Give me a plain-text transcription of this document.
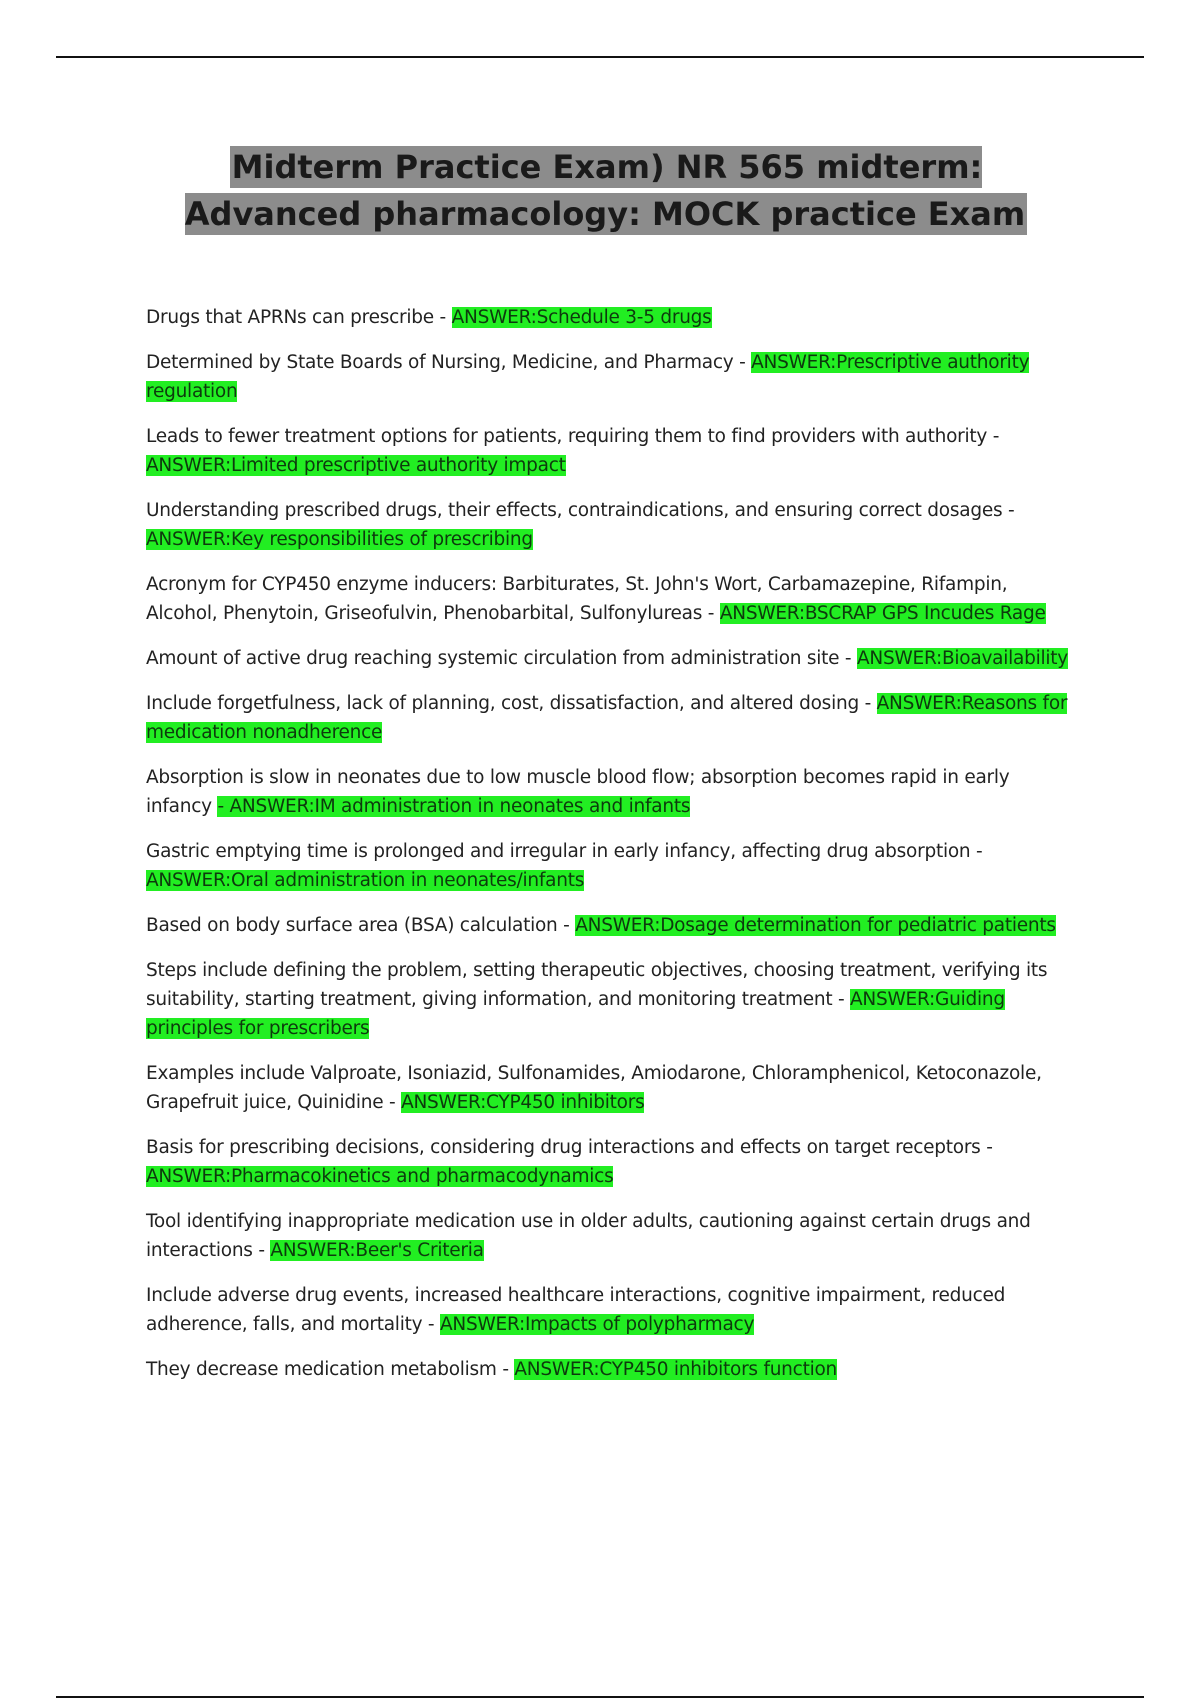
Midterm Practice Exam) NR 565 midterm: Advanced pharmacology: MOCK practice Exam
Drugs that APRNs can prescribe - ANSWER:Schedule 3-5 drugs
Determined by State Boards of Nursing, Medicine, and Pharmacy - ANSWER:Prescriptive authority regulation
Leads to fewer treatment options for patients, requiring them to find providers with authority - ANSWER:Limited prescriptive authority impact
Understanding prescribed drugs, their effects, contraindications, and ensuring correct dosages - ANSWER:Key responsibilities of prescribing
Acronym for CYP450 enzyme inducers: Barbiturates, St. John's Wort, Carbamazepine, Rifampin, Alcohol, Phenytoin, Griseofulvin, Phenobarbital, Sulfonylureas - ANSWER:BSCRAP GPS Incudes Rage
Amount of active drug reaching systemic circulation from administration site - ANSWER:Bioavailability
Include forgetfulness, lack of planning, cost, dissatisfaction, and altered dosing - ANSWER:Reasons for medication nonadherence
Absorption is slow in neonates due to low muscle blood flow; absorption becomes rapid in early infancy - ANSWER:IM administration in neonates and infants
Gastric emptying time is prolonged and irregular in early infancy, affecting drug absorption - ANSWER:Oral administration in neonates/infants
Based on body surface area (BSA) calculation - ANSWER:Dosage determination for pediatric patients
Steps include defining the problem, setting therapeutic objectives, choosing treatment, verifying its suitability, starting treatment, giving information, and monitoring treatment - ANSWER:Guiding principles for prescribers
Examples include Valproate, Isoniazid, Sulfonamides, Amiodarone, Chloramphenicol, Ketoconazole, Grapefruit juice, Quinidine - ANSWER:CYP450 inhibitors
Basis for prescribing decisions, considering drug interactions and effects on target receptors - ANSWER:Pharmacokinetics and pharmacodynamics
Tool identifying inappropriate medication use in older adults, cautioning against certain drugs and interactions - ANSWER:Beer's Criteria
Include adverse drug events, increased healthcare interactions, cognitive impairment, reduced adherence, falls, and mortality - ANSWER:Impacts of polypharmacy
They decrease medication metabolism - ANSWER:CYP450 inhibitors function
